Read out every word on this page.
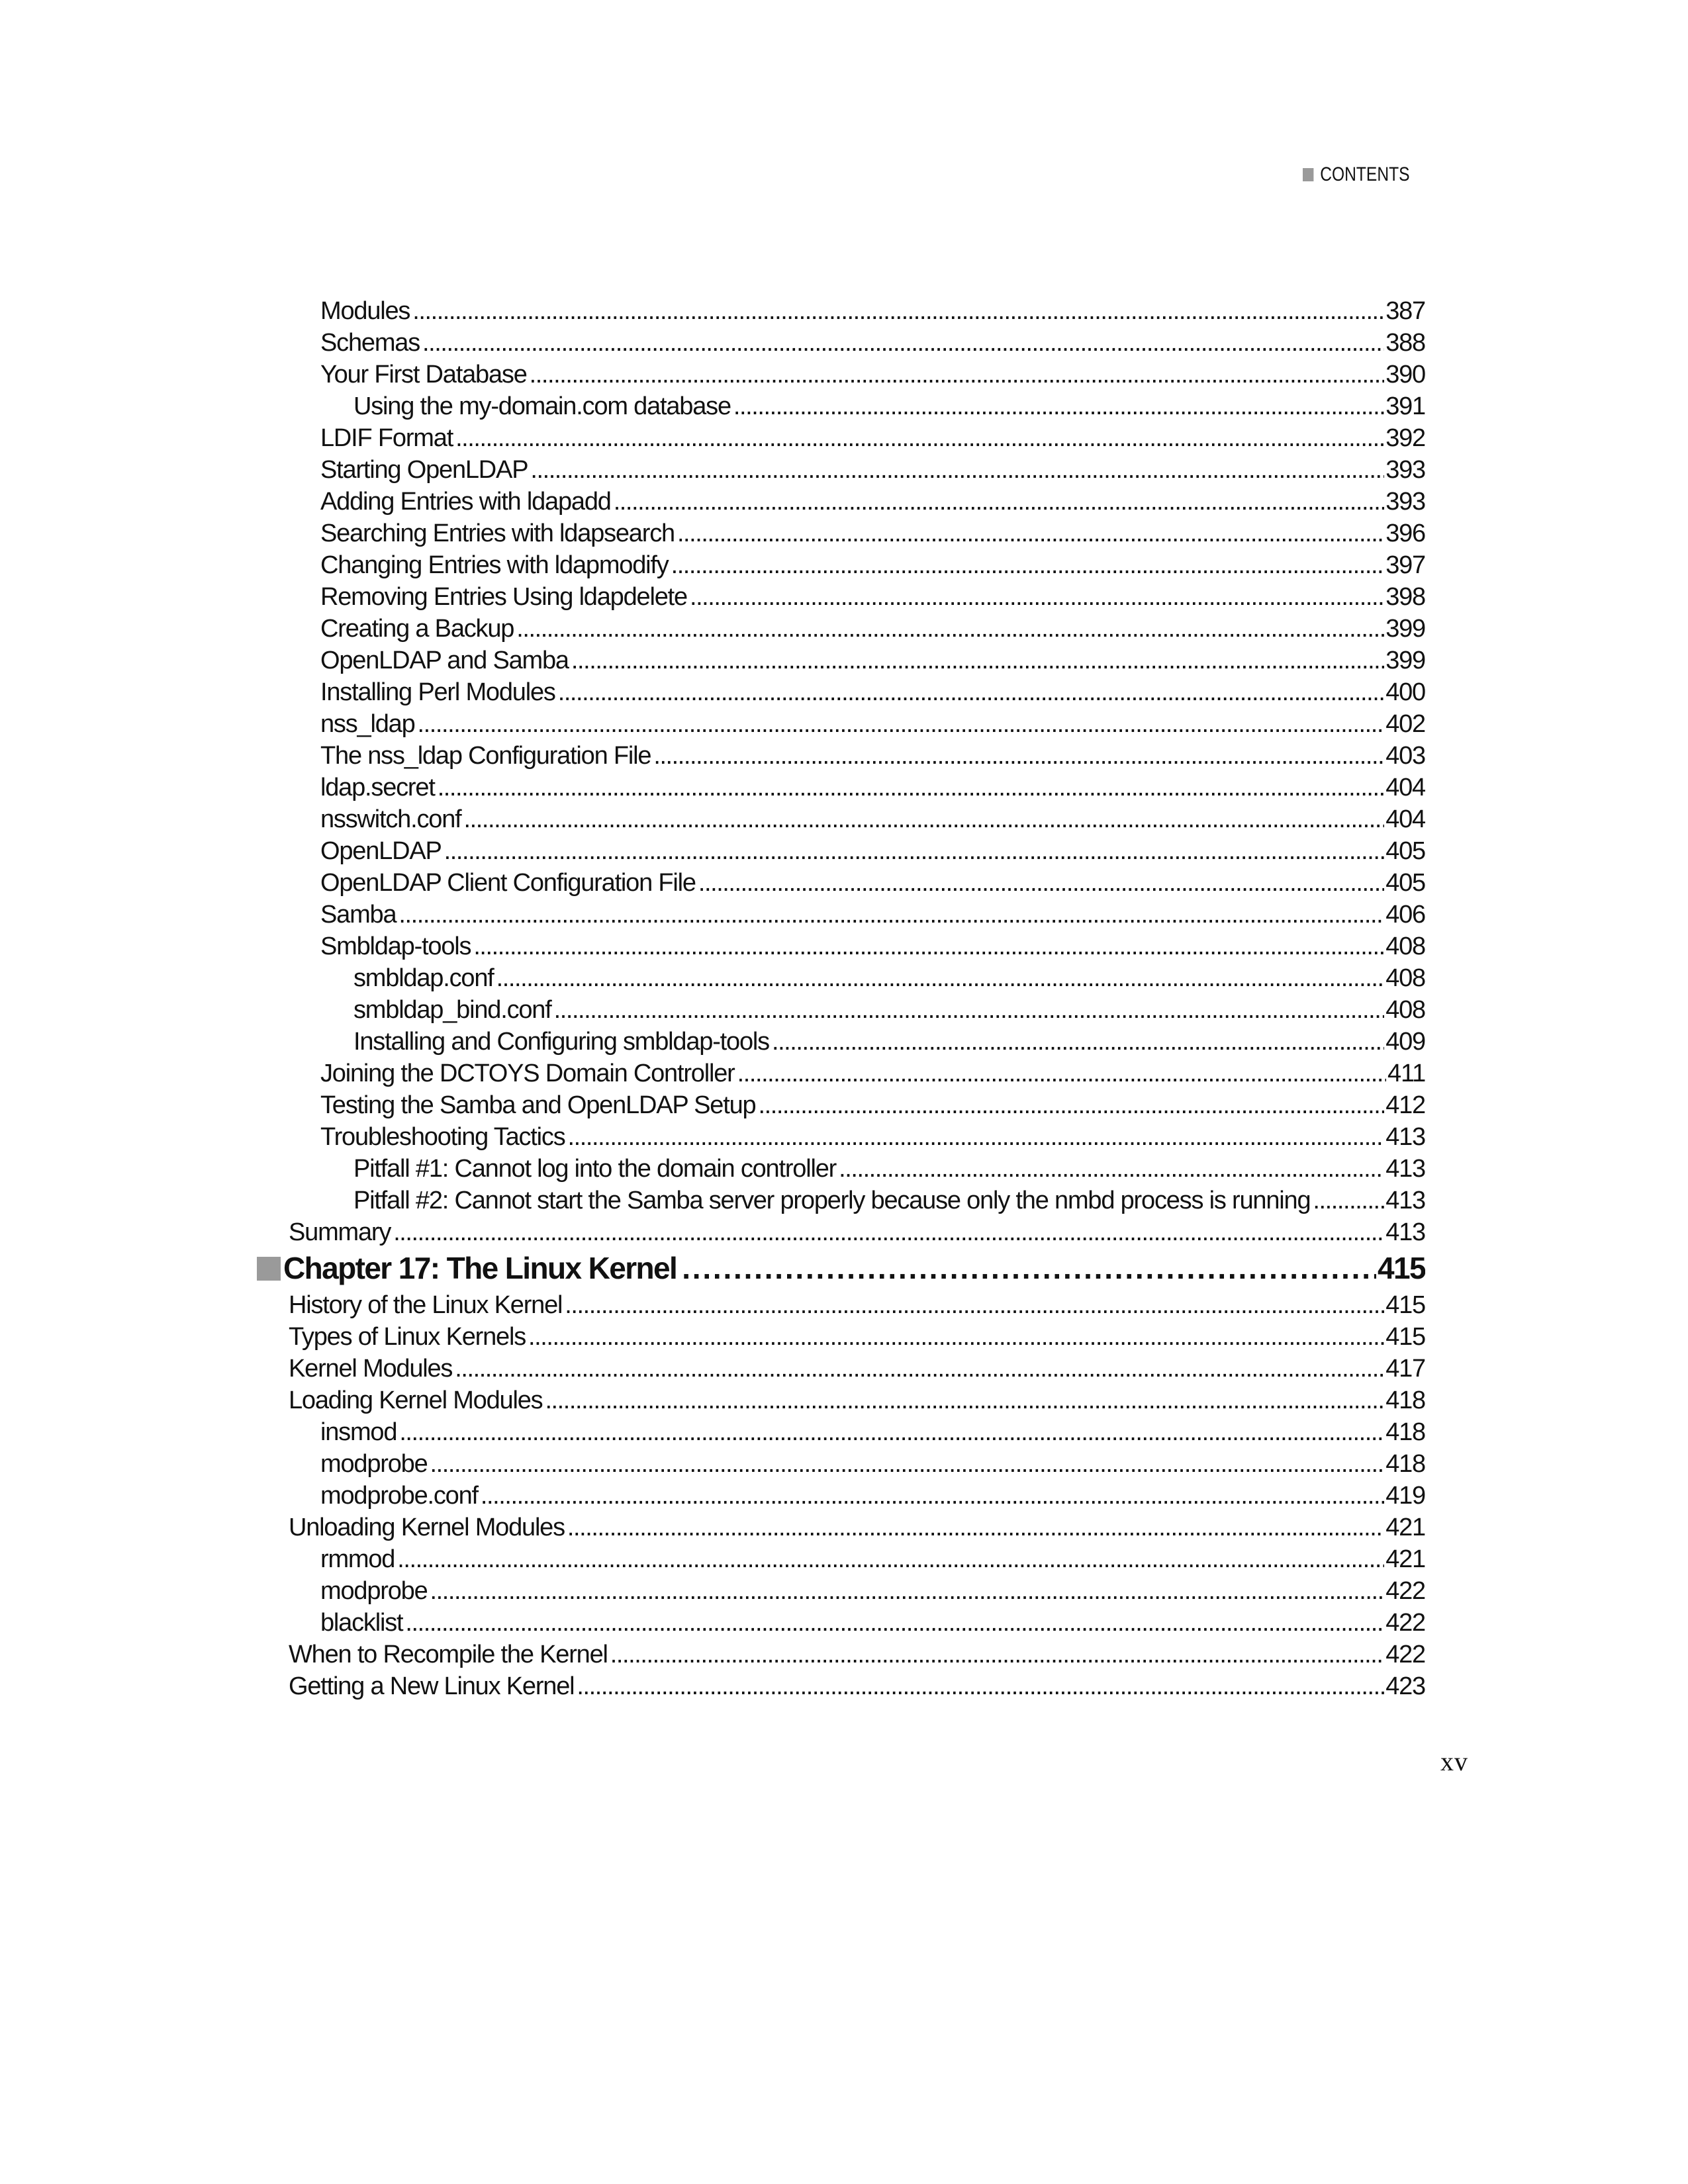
CONTENTS
Modules . . .	387
Schemas . . .	388
Your First Database . . .	390
Using the my-domain.com database . . .	391
LDIF Format . . .	392
Starting OpenLDAP . . .	393
Adding Entries with ldapadd . . .	393
Searching Entries with ldapsearch . . .	396
Changing Entries with ldapmodify . . .	397
Removing Entries Using ldapdelete . . .	398
Creating a Backup . . .	399
OpenLDAP and Samba . . .	399
Installing Perl Modules . . .	400
nss_ldap . . .	402
The nss_ldap Configuration File . . .	403
ldap.secret . . .	404
nsswitch.conf . . .	404
OpenLDAP . . .	405
OpenLDAP Client Configuration File . . .	405
Samba . . .	406
Smbldap-tools . . .	408
smbldap.conf . . .	408
smbldap_bind.conf . . .	408
Installing and Configuring smbldap-tools . . .	409
Joining the DCTOYS Domain Controller . . .	411
Testing the Samba and OpenLDAP Setup . . .	412
Troubleshooting Tactics . . .	413
Pitfall #1: Cannot log into the domain controller . . .	413
Pitfall #2: Cannot start the Samba server properly because only the nmbd process is running . . .	413
Summary . . .	413
Chapter 17: The Linux Kernel . . .	415
History of the Linux Kernel . . .	415
Types of Linux Kernels . . .	415
Kernel Modules . . .	417
Loading Kernel Modules . . .	418
insmod . . .	418
modprobe . . .	418
modprobe.conf . . .	419
Unloading Kernel Modules . . .	421
rmmod . . .	421
modprobe . . .	422
blacklist . . .	422
When to Recompile the Kernel . . .	422
Getting a New Linux Kernel . . .	423
xv
